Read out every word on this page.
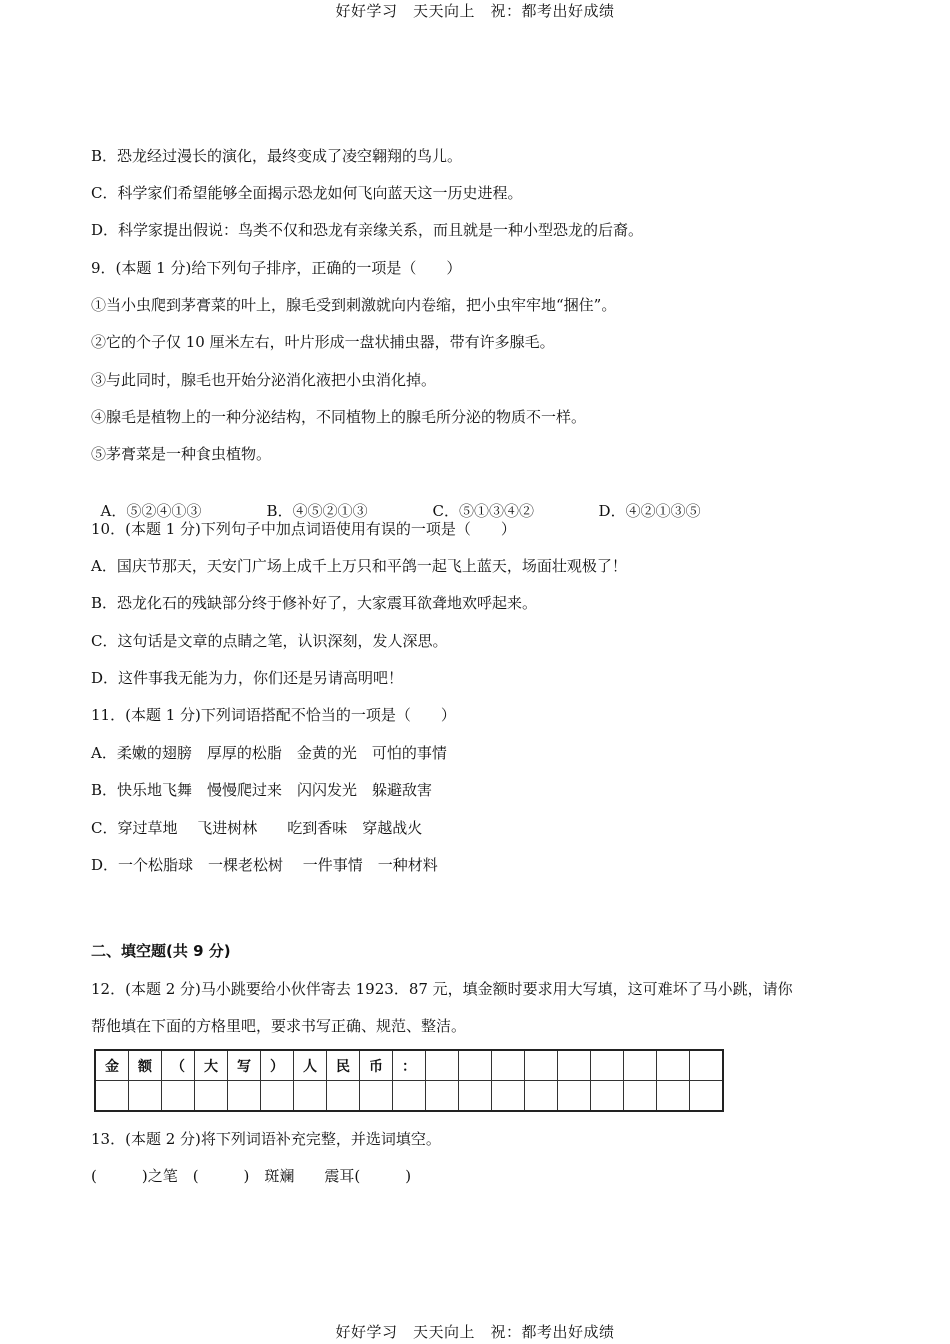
好好学习　天天向上　祝：都考出好成绩
B．恐龙经过漫长的演化，最终变成了凌空翱翔的鸟儿。
C．科学家们希望能够全面揭示恐龙如何飞向蓝天这一历史进程。
D．科学家提出假说：鸟类不仅和恐龙有亲缘关系，而且就是一种小型恐龙的后裔。
9．(本题 1 分)给下列句子排序，正确的一项是（　　）
①当小虫爬到茅膏菜的叶上，腺毛受到刺激就向内卷缩，把小虫牢牢地“捆住”。
②它的个子仅 10 厘米左右，叶片形成一盘状捕虫器，带有许多腺毛。
③与此同时，腺毛也开始分泌消化液把小虫消化掉。
④腺毛是植物上的一种分泌结构，不同植物上的腺毛所分泌的物质不一样。
⑤茅膏菜是一种食虫植物。

A．⑤②④①③	B．④⑤②①③	C．⑤①③④②	D．④②①③⑤

10．(本题 1 分)下列句子中加点词语使用有误的一项是（　　）
A．国庆节那天，天安门广场上成千上万只和平鸽一起飞上蓝天，场面壮观极了！
B．恐龙化石的残缺部分终于修补好了，大家震耳欲聋地欢呼起来。
C．这句话是文章的点睛之笔，认识深刻，发人深思。
D．这件事我无能为力，你们还是另请高明吧！
11．(本题 1 分)下列词语搭配不恰当的一项是（　　）
A．柔嫩的翅膀　厚厚的松脂　金黄的光　可怕的事情
B．快乐地飞舞　慢慢爬过来　闪闪发光　躲避敌害
C．穿过草地　 飞进树林　　吃到香味　穿越战火
D．一个松脂球　一棵老松树　 一件事情　一种材料
二、填空题(共 9 分)
12．(本题 2 分)马小跳要给小伙伴寄去 1923．87 元，填金额时要求用大写填，这可难坏了马小跳，请你
帮他填在下面的方格里吧，要求书写正确、规范、整洁。
金	额	（	大	写	）	人	民	币	：									

13．(本题 2 分)将下列词语补充完整，并选词填空。
(　　　)之笔　(　　　)　斑斓　　震耳(　　　)
好好学习　天天向上　祝：都考出好成绩
